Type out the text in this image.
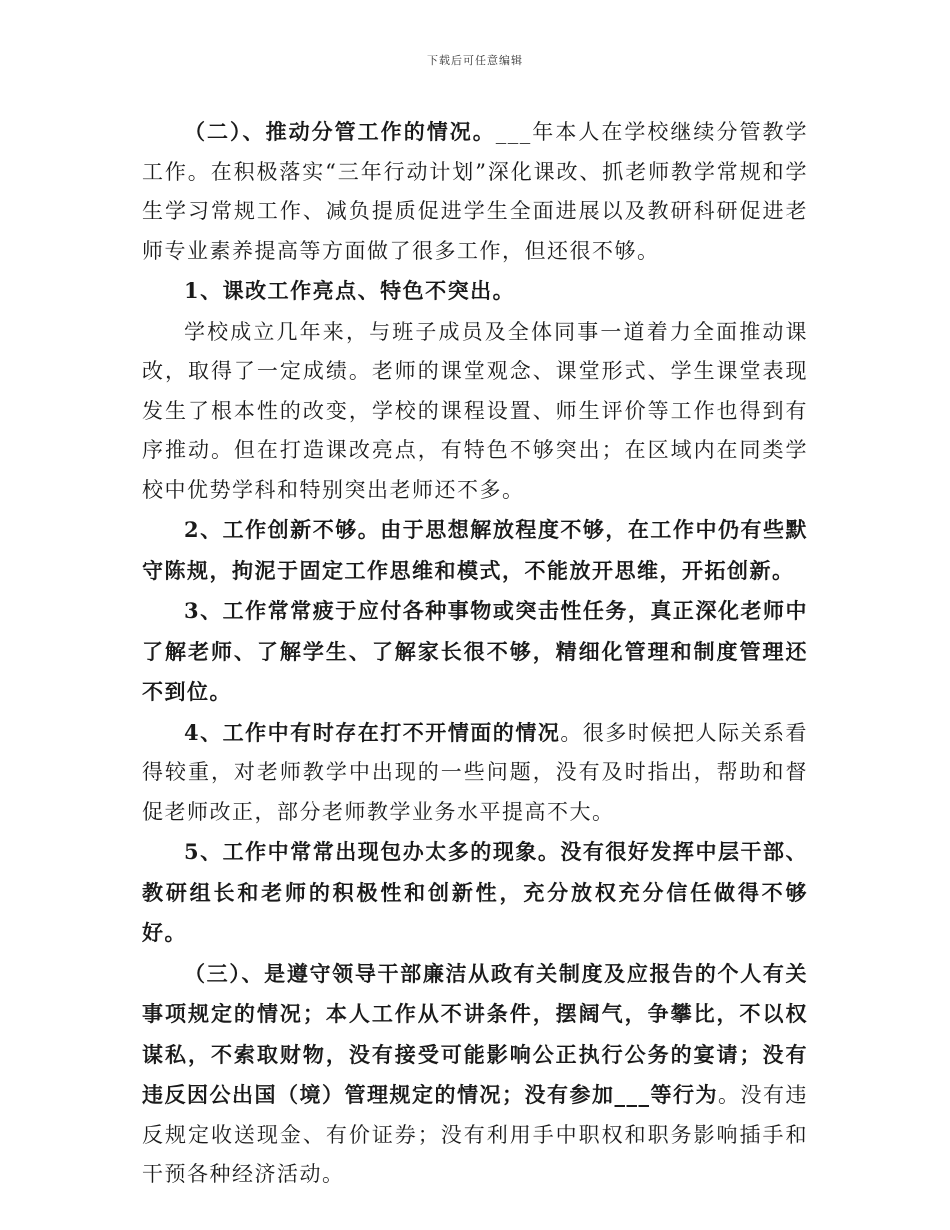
下载后可任意编辑

（二）、推动分管工作的情况。___年本人在学校继续分管教学工作。在积极落实“三年行动计划”深化课改、抓老师教学常规和学生学习常规工作、减负提质促进学生全面进展以及教研科研促进老师专业素养提高等方面做了很多工作，但还很不够。

1、课改工作亮点、特色不突出。

学校成立几年来，与班子成员及全体同事一道着力全面推动课改，取得了一定成绩。老师的课堂观念、课堂形式、学生课堂表现发生了根本性的改变，学校的课程设置、师生评价等工作也得到有序推动。但在打造课改亮点，有特色不够突出；在区域内在同类学校中优势学科和特别突出老师还不多。

2、工作创新不够。由于思想解放程度不够，在工作中仍有些默守陈规，拘泥于固定工作思维和模式，不能放开思维，开拓创新。

3、工作常常疲于应付各种事物或突击性任务，真正深化老师中了解老师、了解学生、了解家长很不够，精细化管理和制度管理还不到位。

4、工作中有时存在打不开情面的情况。很多时候把人际关系看得较重，对老师教学中出现的一些问题，没有及时指出，帮助和督促老师改正，部分老师教学业务水平提高不大。

5、工作中常常出现包办太多的现象。没有很好发挥中层干部、教研组长和老师的积极性和创新性，充分放权充分信任做得不够好。

（三）、是遵守领导干部廉洁从政有关制度及应报告的个人有关事项规定的情况；本人工作从不讲条件，摆阔气，争攀比，不以权谋私，不索取财物，没有接受可能影响公正执行公务的宴请；没有违反因公出国（境）管理规定的情况；没有参加___等行为。没有违反规定收送现金、有价证券；没有利用手中职权和职务影响插手和干预各种经济活动。
